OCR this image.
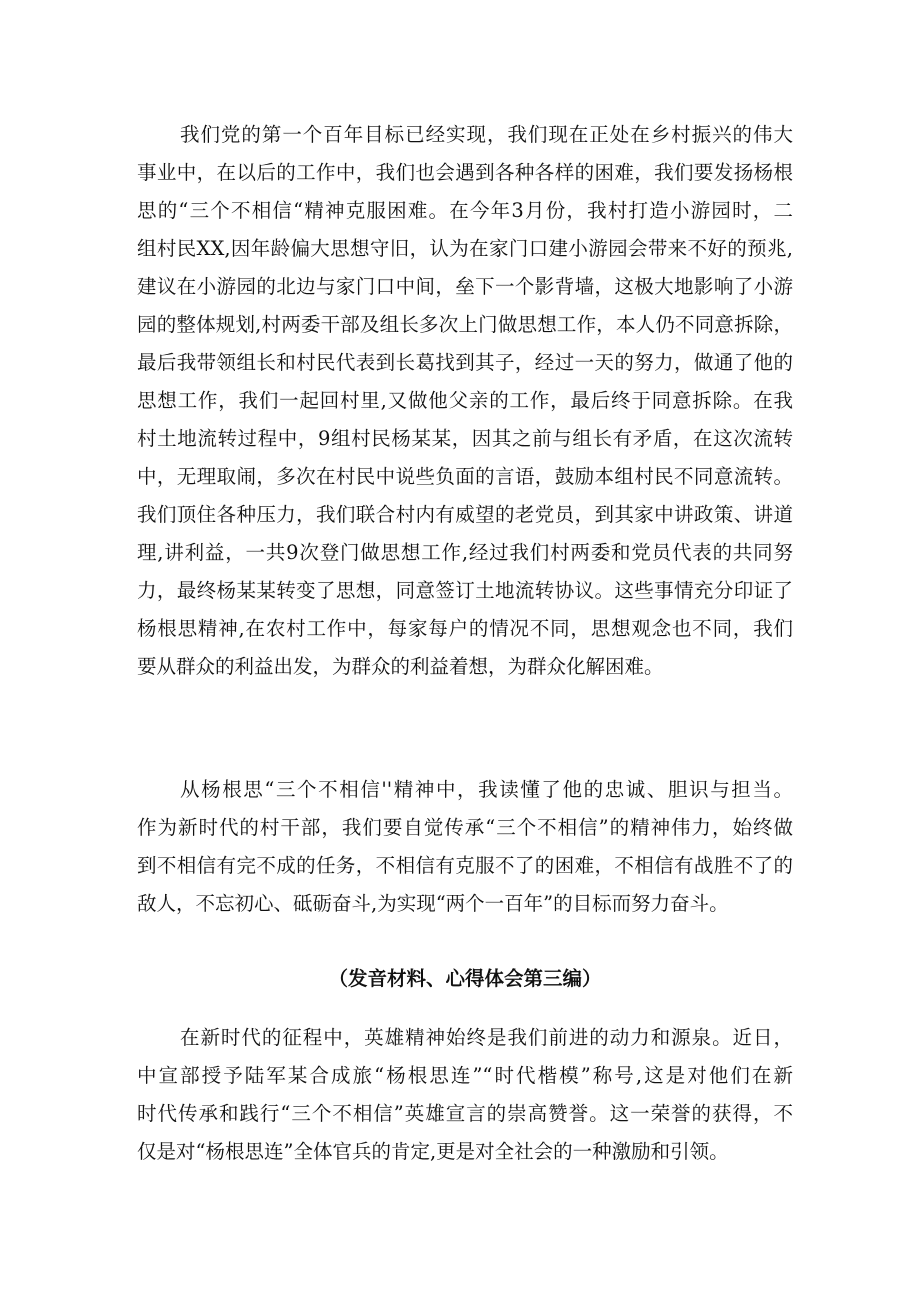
我们党的第一个百年目标已经实现，我们现在正处在乡村振兴的伟大
事业中，在以后的工作中，我们也会遇到各种各样的困难，我们要发扬杨根
思的“三个不相信“精神克服困难。在今年3月份，我村打造小游园时，二
组村民XX,因年龄偏大思想守旧，认为在家门口建小游园会带来不好的预兆,
建议在小游园的北边与家门口中间，垒下一个影背墙，这极大地影响了小游
园的整体规划,村两委干部及组长多次上门做思想工作，本人仍不同意拆除，
最后我带领组长和村民代表到长葛找到其子，经过一天的努力，做通了他的
思想工作，我们一起回村里,又做他父亲的工作，最后终于同意拆除。在我
村土地流转过程中，9组村民杨某某，因其之前与组长有矛盾，在这次流转
中，无理取闹，多次在村民中说些负面的言语，鼓励本组村民不同意流转。
我们顶住各种压力，我们联合村内有威望的老党员，到其家中讲政策、讲道
理,讲利益，一共9次登门做思想工作,经过我们村两委和党员代表的共同努
力，最终杨某某转变了思想，同意签订土地流转协议。这些事情充分印证了
杨根思精神,在农村工作中，每家每户的情况不同，思想观念也不同，我们
要从群众的利益出发，为群众的利益着想，为群众化解困难。
从杨根思“三个不相信''精神中，我读懂了他的忠诚、胆识与担当。
作为新时代的村干部，我们要自觉传承“三个不相信”的精神伟力，始终做
到不相信有完不成的任务，不相信有克服不了的困难，不相信有战胜不了的
敌人，不忘初心、砥砺奋斗,为实现“两个一百年”的目标而努力奋斗。
（发音材料、心得体会第三编）
在新时代的征程中，英雄精神始终是我们前进的动力和源泉。近日，
中宣部授予陆军某合成旅“杨根思连”“时代楷模”称号,这是对他们在新
时代传承和践行“三个不相信”英雄宣言的崇高赞誉。这一荣誉的获得，不
仅是对“杨根思连”全体官兵的肯定,更是对全社会的一种激励和引领。
